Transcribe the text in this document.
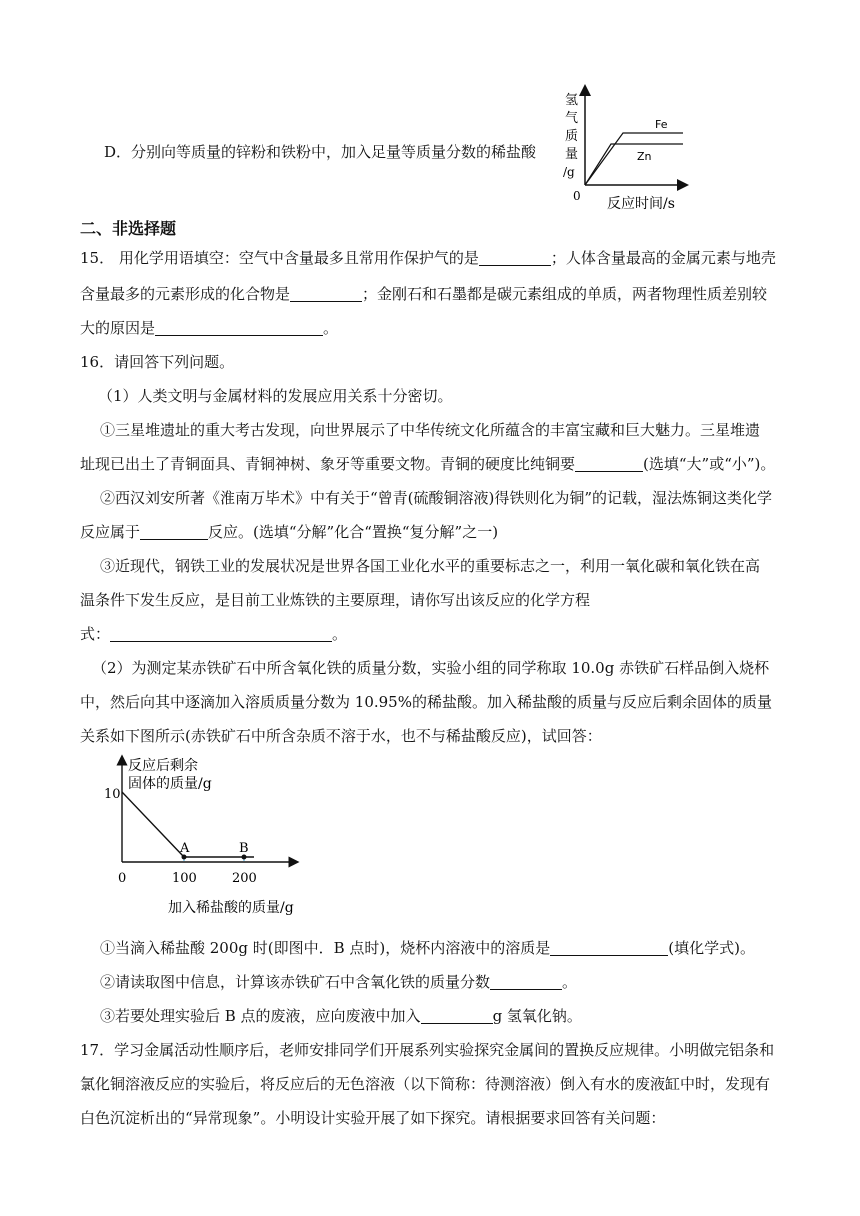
D．分别向等质量的锌粉和铁粉中，加入足量等质量分数的稀盐酸
氢
气
质
量
/g
0 反应时间/s
Fe
Zn
二、非选择题
15． 用化学用语填空：空气中含量最多且常用作保护气的是	；人体含量最高的金属元素与地壳
含量最多的元素形成的化合物是	；金刚石和石墨都是碳元素组成的单质，两者物理性质差别较
大的原因是	。
16．请回答下列问题。
（1）人类文明与金属材料的发展应用关系十分密切。
①三星堆遗址的重大考古发现，向世界展示了中华传统文化所蕴含的丰富宝藏和巨大魅力。三星堆遗
址现已出土了青铜面具、青铜神树、象牙等重要文物。青铜的硬度比纯铜要	(选填“大”或“小”)。
②西汉刘安所著《淮南万毕术》中有关于“曾青(硫酸铜溶液)得铁则化为铜”的记载，湿法炼铜这类化学
反应属于	反应。(选填“分解”化合“置换“复分解”之一)
③近现代，钢铁工业的发展状况是世界各国工业化水平的重要标志之一，利用一氧化碳和氧化铁在高
温条件下发生反应，是目前工业炼铁的主要原理，请你写出该反应的化学方程
式：	。
（2）为测定某赤铁矿石中所含氧化铁的质量分数，实验小组的同学称取 10.0g 赤铁矿石样品倒入烧杯
中，然后向其中逐滴加入溶质质量分数为 10.95%的稀盐酸。加入稀盐酸的质量与反应后剩余固体的质量
关系如下图所示(赤铁矿石中所含杂质不溶于水，也不与稀盐酸反应)，试回答：
A	B
反应后剩余
固体的质量/g
10
0	100	200
加入稀盐酸的质量/g
①当滴入稀盐酸 200g 时(即图中．B 点时)，烧杯内溶液中的溶质是	(填化学式)。
②请读取图中信息，计算该赤铁矿石中含氧化铁的质量分数	。
③若要处理实验后 B 点的废液，应向废液中加入	g 氢氧化钠。
17．学习金属活动性顺序后，老师安排同学们开展系列实验探究金属间的置换反应规律。小明做完铝条和
氯化铜溶液反应的实验后，将反应后的无色溶液（以下简称：待测溶液）倒入有水的废液缸中时，发现有
白色沉淀析出的“异常现象”。小明设计实验开展了如下探究。请根据要求回答有关问题：
